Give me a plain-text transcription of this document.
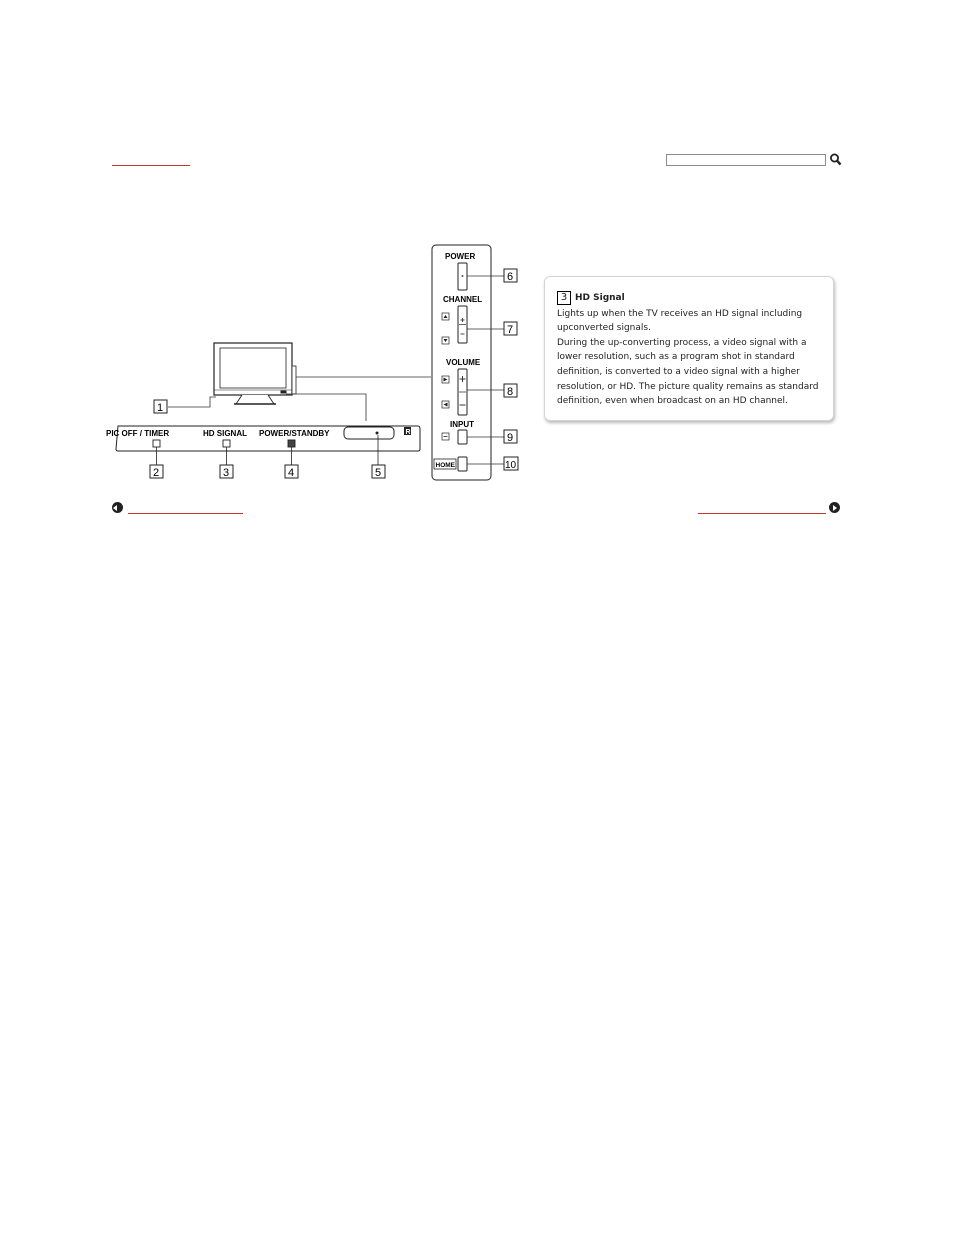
PIC OFF / TIMER	HD SIGNAL POWER/STANDBY	R
1
2	3	4	5
POWER
CHANNEL
VOLUME
INPUT
HOME
6
7
8
9
10
3 HD Signal

Lights up when the TV receives an HD signal including upconverted signals.

During the up-converting process, a video signal with a lower resolution, such as a program shot in standard definition, is converted to a video signal with a higher resolution, or HD. The picture quality remains as standard definition, even when broadcast on an HD channel.
